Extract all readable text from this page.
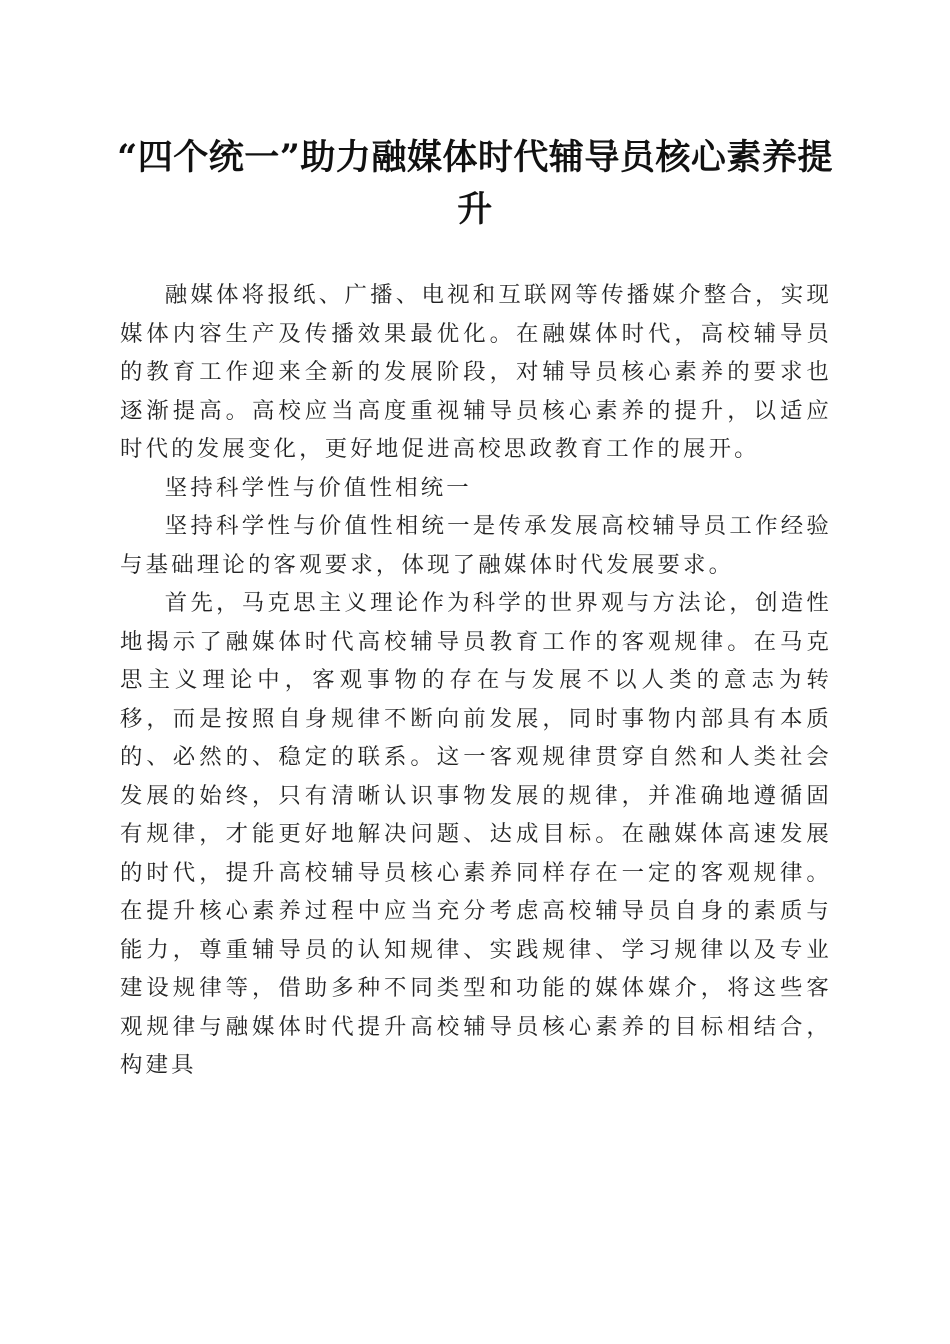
“四个统一”助力融媒体时代辅导员核心素养提升

融媒体将报纸、广播、电视和互联网等传播媒介整合，实现媒体内容生产及传播效果最优化。在融媒体时代，高校辅导员的教育工作迎来全新的发展阶段，对辅导员核心素养的要求也逐渐提高。高校应当高度重视辅导员核心素养的提升，以适应时代的发展变化，更好地促进高校思政教育工作的展开。

坚持科学性与价值性相统一

坚持科学性与价值性相统一是传承发展高校辅导员工作经验与基础理论的客观要求，体现了融媒体时代发展要求。

首先，马克思主义理论作为科学的世界观与方法论，创造性地揭示了融媒体时代高校辅导员教育工作的客观规律。在马克思主义理论中，客观事物的存在与发展不以人类的意志为转移，而是按照自身规律不断向前发展，同时事物内部具有本质的、必然的、稳定的联系。这一客观规律贯穿自然和人类社会发展的始终，只有清晰认识事物发展的规律，并准确地遵循固有规律，才能更好地解决问题、达成目标。在融媒体高速发展的时代，提升高校辅导员核心素养同样存在一定的客观规律。在提升核心素养过程中应当充分考虑高校辅导员自身的素质与能力，尊重辅导员的认知规律、实践规律、学习规律以及专业建设规律等，借助多种不同类型和功能的媒体媒介，将这些客观规律与融媒体时代提升高校辅导员核心素养的目标相结合，构建具
